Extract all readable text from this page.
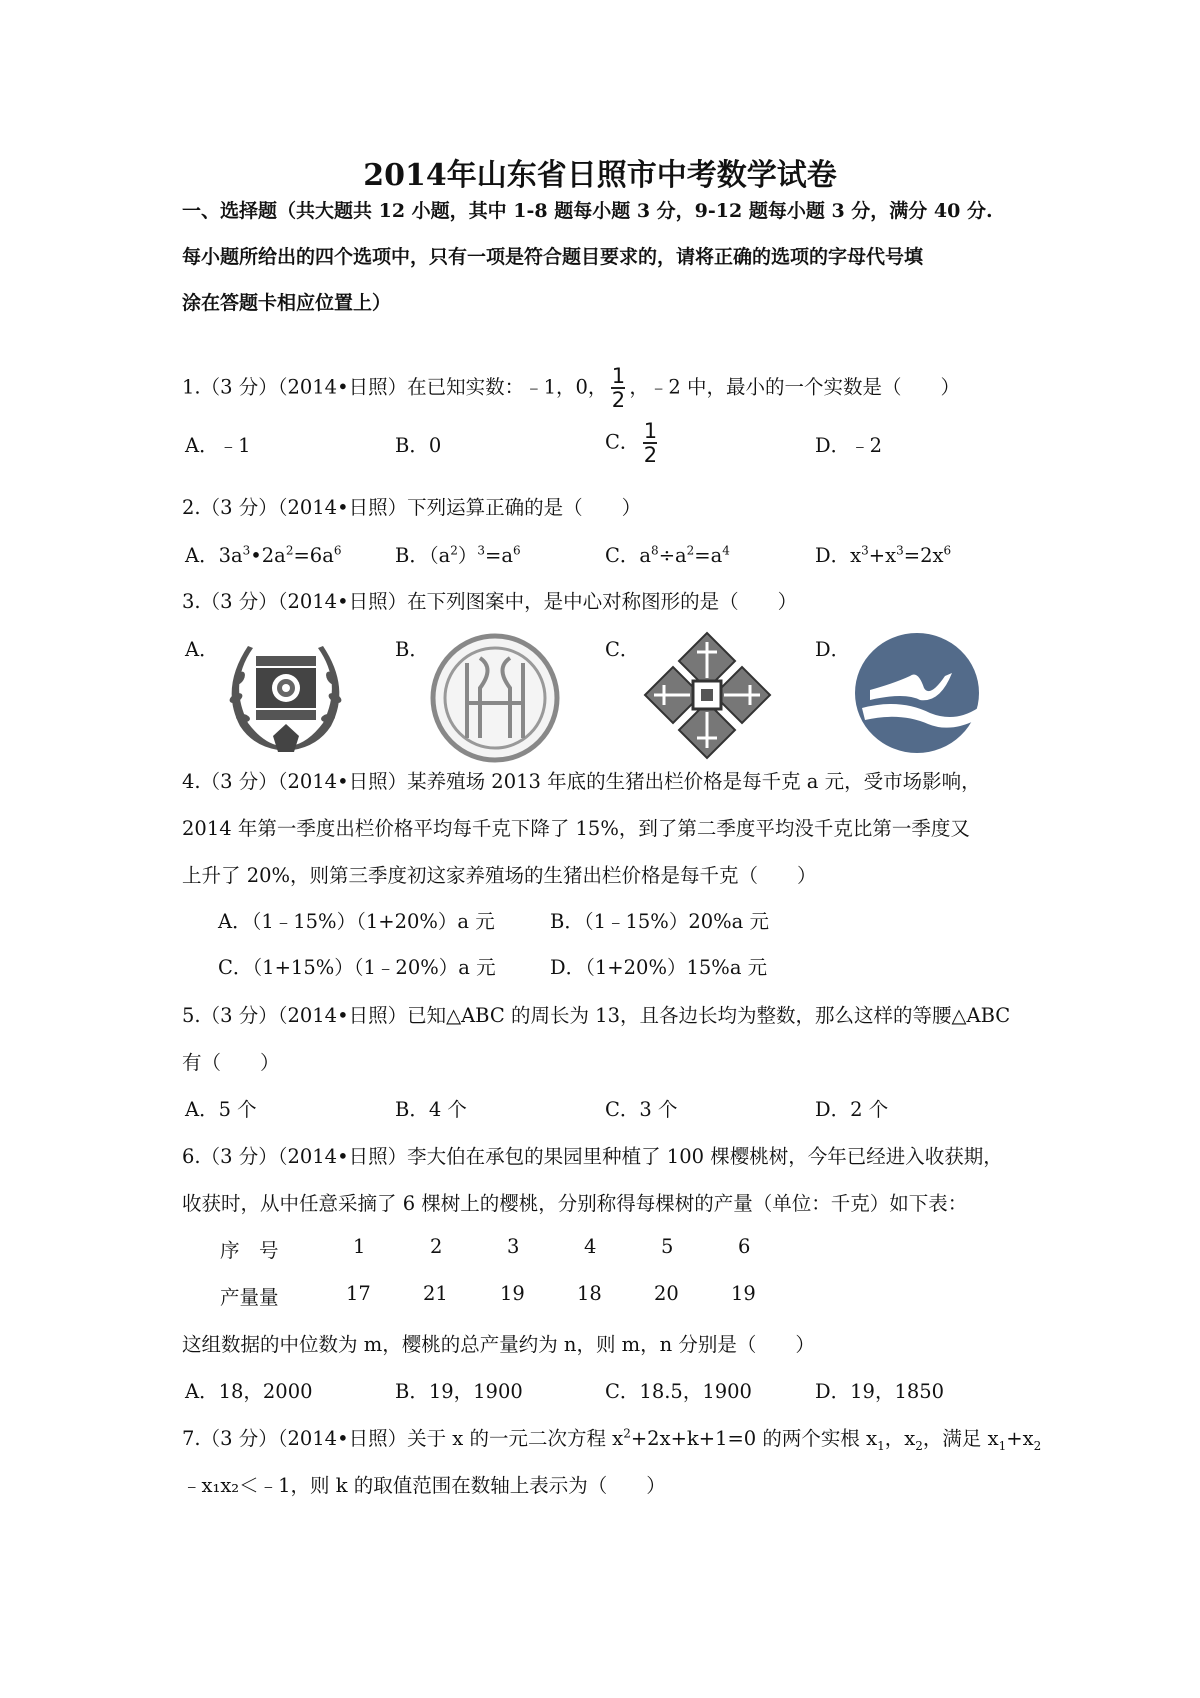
2014年山东省日照市中考数学试卷
一、选择题（共大题共 12 小题，其中 1-8 题每小题 3 分，9-12 题每小题 3 分，满分 40 分.
每小题所给出的四个选项中，只有一项是符合题目要求的，请将正确的选项的字母代号填
涂在答题卡相应位置上）
1.（3 分）（2014•日照）在已知实数：﹣1，0， $\frac{1}{2}$ ，﹣2 中，最小的一个实数是（　　）
A．﹣1	B．0	C． $\frac{1}{2}$	D．﹣2
2.（3 分）（2014•日照）下列运算正确的是（　　）
A．$3a^3•2a^2=6a^6$	B．$(a^2)^3=a^6$	C．$a^8\div a^2=a^4$	D．$x^3+x^3=2x^6$
3.（3 分）（2014•日照）在下列图案中，是中心对称图形的是（　　）
A．	B．	C．	D．
4.（3 分）（2014•日照）某养殖场 2013 年底的生猪出栏价格是每千克 a 元，受市场影响，
2014 年第一季度出栏价格平均每千克下降了 15%，到了第二季度平均没千克比第一季度又
上升了 20%，则第三季度初这家养殖场的生猪出栏价格是每千克（　　）
A．（1﹣15%）（1+20%）a 元	B．（1﹣15%）20%a 元
C．（1+15%）（1﹣20%）a 元	D．（1+20%）15%a 元
5.（3 分）（2014•日照）已知△ABC 的周长为 13，且各边长均为整数，那么这样的等腰△ABC
有（　　）
A．5 个	B．4 个	C．3 个	D．2 个
6.（3 分）（2014•日照）李大伯在承包的果园里种植了 100 棵樱桃树，今年已经进入收获期，
收获时，从中任意采摘了 6 棵树上的樱桃，分别称得每棵树的产量（单位：千克）如下表：
序　号	1	2	3	4	5	6
产量量	17	21	19	18	20	19
这组数据的中位数为 m，樱桃的总产量约为 n，则 m，n 分别是（　　）
A．18，2000	B．19，1900	C．18.5，1900	D．19，1850
7.（3 分）（2014•日照）关于 x 的一元二次方程 $x^2+2x+k+1=0$ 的两个实根 $x_1$，$x_2$，满足 $x_1+x_2$
﹣x₁x₂＜﹣1，则 k 的取值范围在数轴上表示为（　　）
